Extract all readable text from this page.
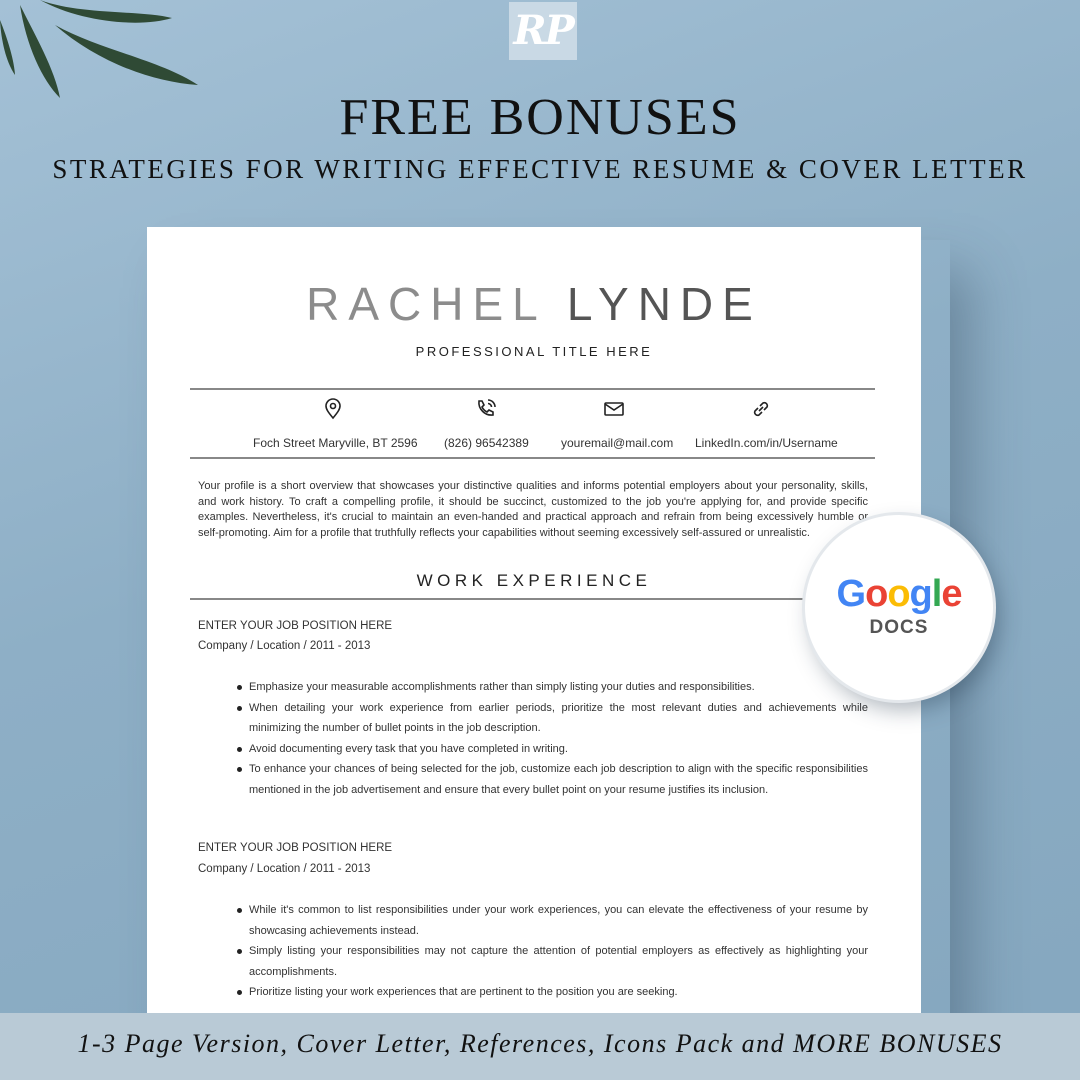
RP
FREE BONUSES
STRATEGIES FOR WRITING EFFECTIVE RESUME & COVER LETTER
RACHEL LYNDE
PROFESSIONAL TITLE HERE
Foch Street Maryville, BT 2596 (826) 96542389	youremail@mail.com LinkedIn.com/in/Username
Your profile is a short overview that showcases your distinctive qualities and informs potential employers about your personality, skills, and work history. To craft a compelling profile, it should be succinct, customized to the job you're applying for, and provide specific examples. Nevertheless, it's crucial to maintain an even-handed and practical approach and refrain from being excessively humble or self-promoting. Aim for a profile that truthfully reflects your capabilities without seeming excessively self-assured or unrealistic.
WORK EXPERIENCE
ENTER YOUR JOB POSITION HERE
Company / Location / 2011 - 2013
Emphasize your measurable accomplishments rather than simply listing your duties and responsibilities.
When detailing your work experience from earlier periods, prioritize the most relevant duties and achievements while minimizing the number of bullet points in the job description.
Avoid documenting every task that you have completed in writing.
To enhance your chances of being selected for the job, customize each job description to align with the specific responsibilities mentioned in the job advertisement and ensure that every bullet point on your resume justifies its inclusion.
ENTER YOUR JOB POSITION HERE
Company / Location / 2011 - 2013
While it's common to list responsibilities under your work experiences, you can elevate the effectiveness of your resume by showcasing achievements instead.
Simply listing your responsibilities may not capture the attention of potential employers as effectively as highlighting your accomplishments.
Prioritize listing your work experiences that are pertinent to the position you are seeking.
Google
DOCS
1-3 Page Version, Cover Letter, References, Icons Pack and MORE BONUSES
